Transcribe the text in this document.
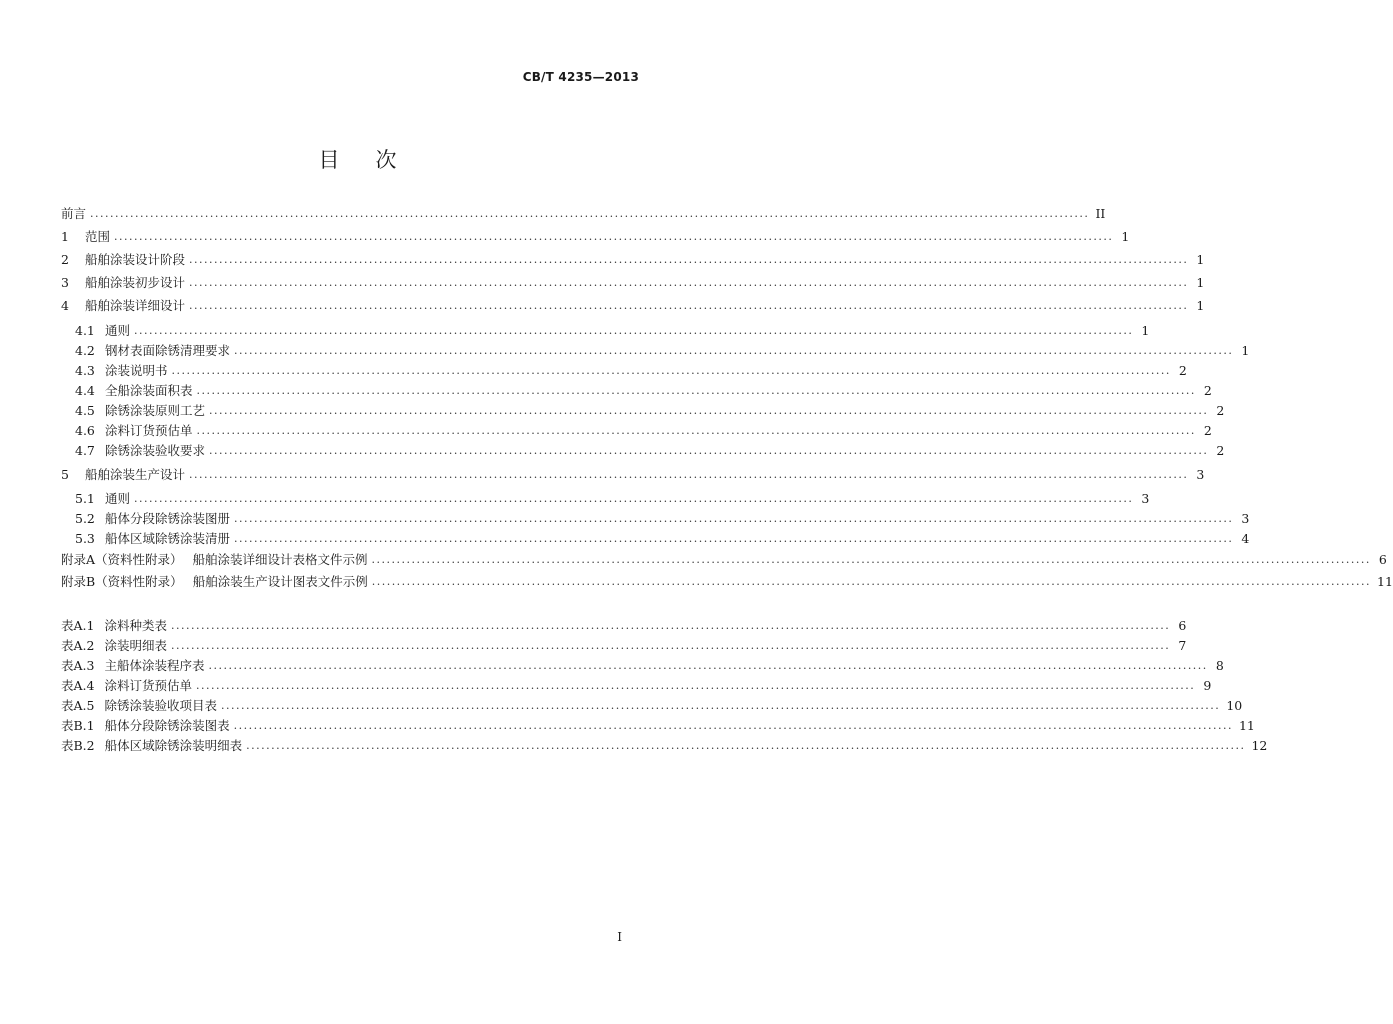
CB/T 4235—2013
目次
前言 ........................................................................................................................................................................................................ II
1 范围 ........................................................................................................................................................................................................ 1
2 船舶涂装设计阶段 ........................................................................................................................................................................................................ 1
3 船舶涂装初步设计 ........................................................................................................................................................................................................ 1
4 船舶涂装详细设计 ........................................................................................................................................................................................................ 1
4.1 通则 ........................................................................................................................................................................................................ 1
4.2 钢材表面除锈清理要求 ........................................................................................................................................................................................................ 1
4.3 涂装说明书 ........................................................................................................................................................................................................ 2
4.4 全船涂装面积表 ........................................................................................................................................................................................................ 2
4.5 除锈涂装原则工艺 ........................................................................................................................................................................................................ 2
4.6 涂料订货预估单 ........................................................................................................................................................................................................ 2
4.7 除锈涂装验收要求 ........................................................................................................................................................................................................ 2
5 船舶涂装生产设计 ........................................................................................................................................................................................................ 3
5.1 通则 ........................................................................................................................................................................................................ 3
5.2 船体分段除锈涂装图册 ........................................................................................................................................................................................................ 3
5.3 船体区域除锈涂装清册 ........................................................................................................................................................................................................ 4
附录A（资料性附录） 船舶涂装详细设计表格文件示例 ........................................................................................................................................................................................................ 6
附录B（资料性附录） 船舶涂装生产设计图表文件示例 ........................................................................................................................................................................................................ 11
表A.1 涂料种类表 ........................................................................................................................................................................................................ 6
表A.2 涂装明细表 ........................................................................................................................................................................................................ 7
表A.3 主船体涂装程序表 ........................................................................................................................................................................................................ 8
表A.4 涂料订货预估单 ........................................................................................................................................................................................................ 9
表A.5 除锈涂装验收项目表 ........................................................................................................................................................................................................ 10
表B.1 船体分段除锈涂装图表 ........................................................................................................................................................................................................ 11
表B.2 船体区域除锈涂装明细表 ........................................................................................................................................................................................................ 12
I
